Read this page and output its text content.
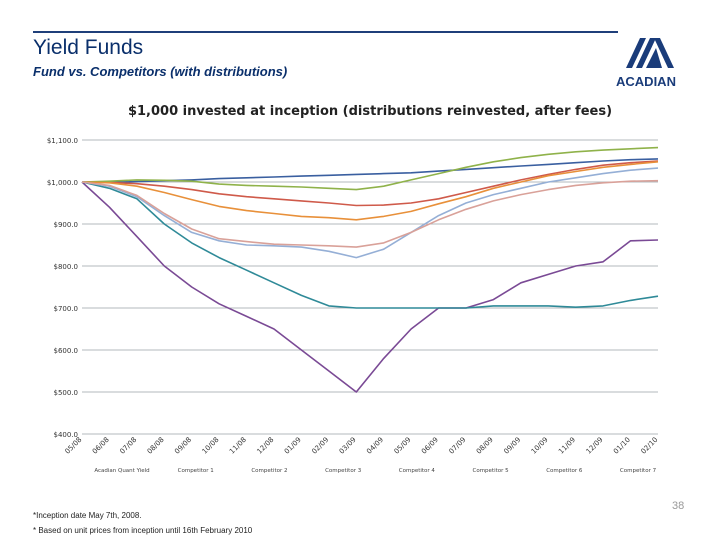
Yield Funds
Fund vs. Competitors (with distributions)
ACADIAN
$1,000 invested at inception (distributions reinvested, after fees)
$400.0
$500.0
$600.0
$700.0
$800.0
$900.0
$1,000.0
$1,100.0
05/08 06/08 07/08 08/08 09/08 10/08 11/08 12/08 01/09 02/09 03/09 04/09 05/09 06/09 07/09 08/09 09/09 10/09 11/09 12/09 01/10 02/10
Acadian Quant Yield	Competitor 1	Competitor 2	Competitor 3	Competitor 4	Competitor 5	Competitor 6	Competitor 7
*Inception date May 7th, 2008.
* Based on unit prices from inception until 16th February 2010
38
